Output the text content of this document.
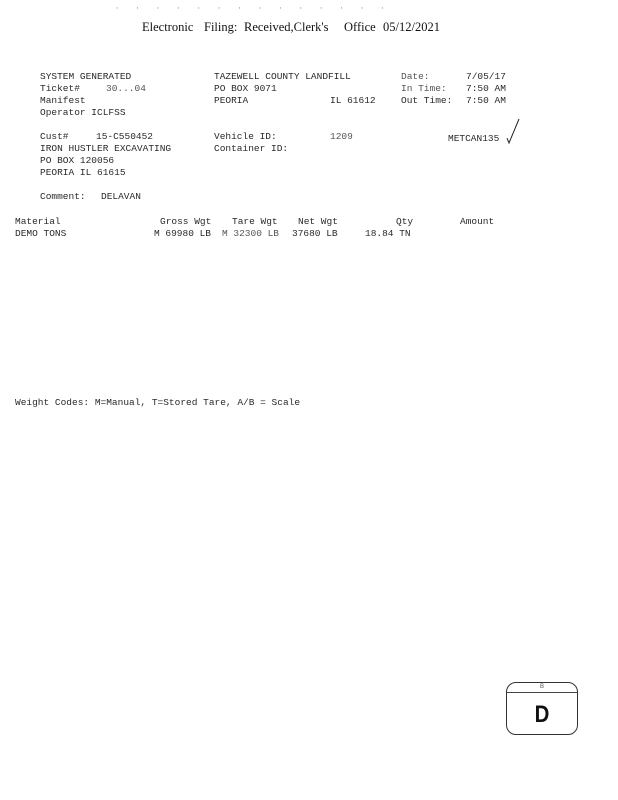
· · · · · · · · · · · · · ·
Electronic Filing: Received,Clerk's Office 05/12/2021
SYSTEM GENERATED
Ticket#	30...04
Manifest
Operator ICLFSS
TAZEWELL COUNTY LANDFILL
PO BOX 9071
PEORIA	IL 61612
Date:	7/05/17
In Time: 7:50 AM
Out Time: 7:50 AM
Cust#	15-C550452
IRON HUSTLER EXCAVATING
PO BOX 120056
PEORIA IL 61615
Vehicle ID:	1209
Container ID:
METCAN135
Comment: DELAVAN
Material	Gross Wgt Tare Wgt Net Wgt	Qty	Amount
DEMO TONS	M 69980 LB M 32300 LB 37680 LB	18.84 TN
Weight Codes: M=Manual, T=Stored Tare, A/B = Scale
B
D
